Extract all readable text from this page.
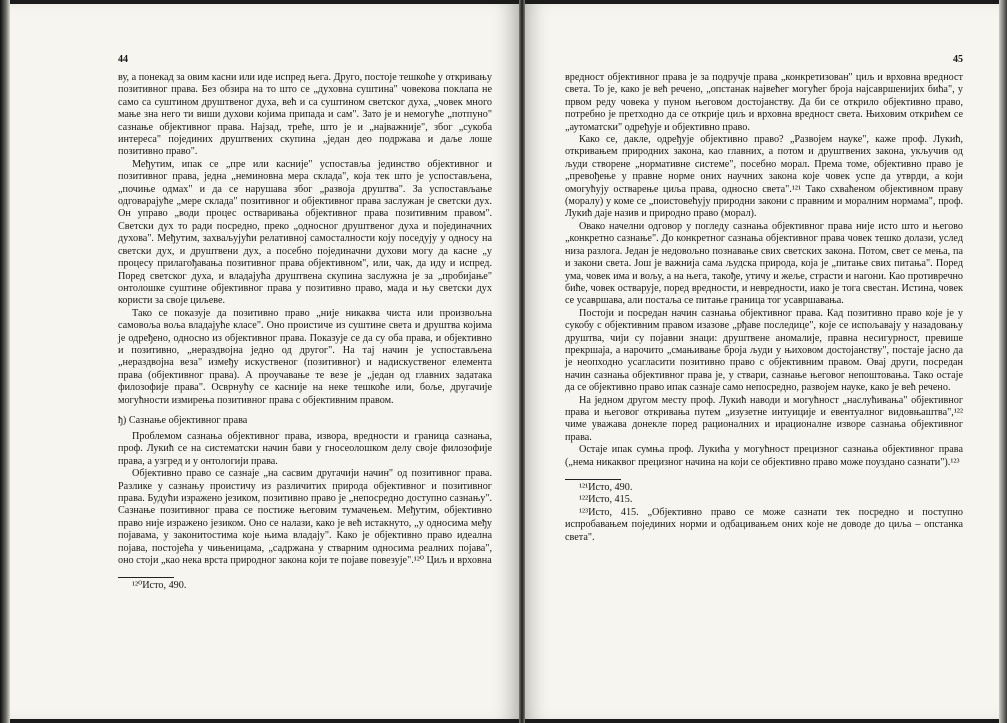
44

ву, а понекад за овим касни или иде испред њега. Друго, постоје тешкоће у откривању позитивног права. Без обзира на то што се „духовна суштина" човекова поклапа не само са суштином друштвеног духа, већ и са суштином светског духа, „човек много мање зна него ти виши духови којима припада и сам". Зато је и немогуће „потпуно" сазнање објективног права. Најзад, треће, што је и „најважније", због „сукоба интереса" појединих друштвених скупина „један део подржава и даље лоше позитивно право".

Међутим, ипак се „пре или касније" успоставља јединство објективног и позитивног права, једна „неминовна мера склада", која тек што је успостављена, „почиње одмах" и да се нарушава због „развоја друштва". За успостављање одговарајуће „мере склада" позитивног и објективног права заслужан је светски дух. Он управо „води процес остваривања објективног права позитивним правом". Светски дух то ради посредно, преко „односног друштвеног духа и појединачних духова". Међутим, захваљујући релативној самосталности коју поседују у односу на светски дух, и друштвени дух, а посебно појединачни духови могу да касне „у процесу прилагођавања позитивног права објективном", или, чак, да иду и испред. Поред светског духа, и владајућа друштвена скупина заслужна је за „пробијање" онтолошке суштине објективног права у позитивно право, мада и њу светски дух користи за своје циљеве.

Тако се показује да позитивно право „није никаква чиста или произвољна самовоља воља владајуће класе". Оно проистиче из суштине света и друштва којима је одређено, односно из објективног права. Показује се да су оба права, и објективно и позитивно, „нераздвојна једно од другог". На тај начин је успостављена „нераздвојна веза" између искуственог (позитивног) и надискуственог елемента права (објективног права). А проучавање те везе је „један од главних задатака филозофије права". Осврнућу се касније на неке тешкоће или, боље, другачије могућности измирења позитивног права с објективним правом.

ђ) Сазнање објективног права

Проблемом сазнања објективног права, извора, вредности и граница сазнања, проф. Лукић се на систематски начин бави у гносеолошком делу своје филозофије права, а узгред и у онтологији права.

Објективно право се сазнаје „на сасвим другачији начин" од позитивног права. Разлике у сазнању проистичу из различитих природа објективног и позитивног права. Будући изражено језиком, позитивно право је „непосредно доступно сазнању". Сазнање позитивног права се постиже његовим тумачењем. Међутим, објективно право није изражено језиком. Оно се налази, како је већ истакнуто, „у односима међу појавама, у законитостима које њима владају". Како је објективно право идеална појава, постојећа у чињеницама, „садржана у стварним односима реалних појава", оно стоји „као нека врста природног закона који те појаве повезује".¹²⁰ Циљ и врховна

¹²⁰Исто, 490.

45

вредност објективног права је за подручје права „конкретизован" циљ и врховна вредност света. То је, како је већ речено, „опстанак највећег могућег броја најсавршенијих бића", у првом реду човека у пуном његовом достојанству. Да би се открило објективно право, потребно је претходно да се открије циљ и врховна вредност света. Њиховим открићем се „аутоматски" одређује и објективно право.

Како се, дакле, одређује објективно право? „Развојем науке", каже проф. Лукић, откривањем природних закона, као главних, а потом и друштвених закона, укључив од људи створене „нормативне системе", посебно морал. Према томе, објективно право је „превођење у правне норме оних научних закона које човек успе да утврди, а који омогућују остварење циља права, односно света".¹²¹ Тако схваћеном објективном праву (моралу) у коме се „поистовећују природни закони с правним и моралним нормама", проф. Лукић даје назив и природно право (морал).

Овако начелни одговор у погледу сазнања објективног права није исто што и његово „конкретно сазнање". До конкретног сазнања објективног права човек тешко долази, услед низа разлога. Један је недовољно познавање свих светских закона. Потом, свет се мења, па и закони света. Још је важнија сама људска природа, која је „питање свих питања". Поред ума, човек има и вољу, а на њега, такође, утичу и жеље, страсти и нагони. Као противречно биће, човек остварује, поред вредности, и невредности, иако је тога свестан. Истина, човек се усавршава, али постаља се питање граница тог усавршавања.

Постоји и посредан начин сазнања објективног права. Кад позитивно право које је у сукобу с објективним правом изазове „рђаве последице", које се испољавају у назадовању друштва, чији су појавни знаци: друштвене аномалије, правна несигурност, превише прекршаја, а нарочито „смањивање броја људи у њиховом достојанству", постаје јасно да је неопходно усагласити позитивно право с објективним правом. Овај други, посредан начин сазнања објективног права је, у ствари, сазнање његовог непоштовања. Тако остаје да се објективно право ипак сазнаје само непосредно, развојем науке, како је већ речено.

На једном другом месту проф. Лукић наводи и могућност „наслућивања" објективног права и његовог откривања путем „изузетне интуиције и евентуалног видовњаштва",¹²² чиме уважава донекле поред рационалних и ирационалне изворе сазнања објективног права.

Остаје ипак сумња проф. Лукића у могућност прецизног сазнања објективног права („нема никаквог прецизног начина на који се објективно право може поуздано сазнати").¹²³

¹²¹Исто, 490.

¹²²Исто, 415.

¹²³Исто, 415. „Објективно право се може сазнати тек посредно и поступно испробавањем појединих норми и одбацивањем оних које не доводе до циља – опстанка света".
